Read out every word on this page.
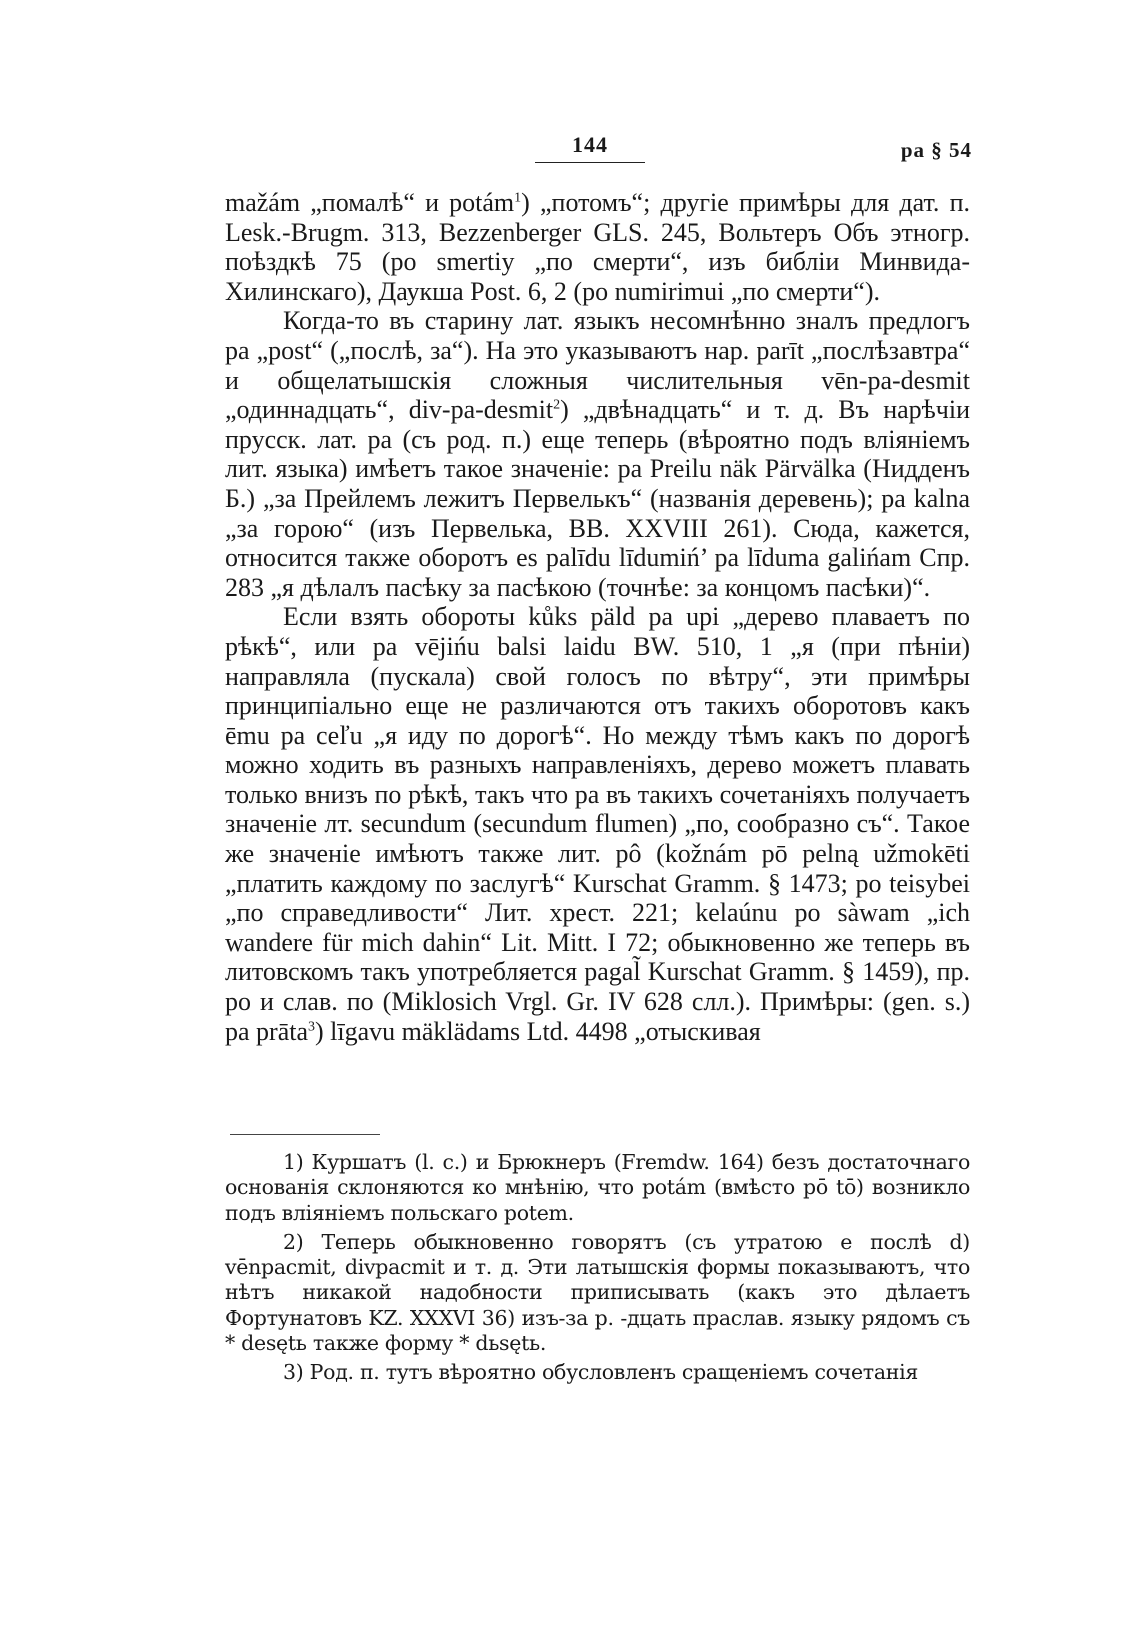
144	pa § 54

mažám „помалѣ“ и potám$^1$) „потомъ“; другіе примѣры для дат. п. Lesk.-Brugm. 313, Bezzenberger GLS. 245, Вольтеръ Объ этногр. поѣздкѣ 75 (po smertiy „по смерти“, изъ библіи Минвида-Хилинскаго), Даукша Post. 6, 2 (po numirimui „по смерти“).

Когда-то въ старину лат. языкъ несомнѣнно зналъ предлогъ pa „post“ („послѣ, за“). На это указываютъ нар. parīt „послѣзавтра“ и общелатышскія сложныя числительныя vēn-pa-desmit „одиннадцать“, div-pa-desmit$^2$) „двѣнадцать“ и т. д. Въ нарѣчіи прусск. лат. pa (съ род. п.) еще теперь (вѣроятно подъ вліяніемъ лит. языка) имѣетъ такое значеніе: pa Preilu näk Pärvälka (Нидденъ Б.) „за Прейлемъ лежитъ Первелькъ“ (названія деревень); pa kalna „за горою“ (изъ Первелька, BB. XXVIII 261). Сюда, кажется, относится также оборотъ es palīdu līdumiń’ pa līduma galińam Спр. 283 „я дѣлалъ пасѣку за пасѣкою (точнѣе: за концомъ пасѣки)“.

Если взять обороты kůks päld pa upi „дерево плаваетъ по рѣкѣ“, или pa vējińu balsi laidu BW. 510, 1 „я (при пѣніи) направляла (пускала) свой голосъ по вѣтру“, эти примѣры принципіально еще не различаются отъ такихъ оборотовъ какъ ēmu pa ceľu „я иду по дорогѣ“. Но между тѣмъ какъ по дорогѣ можно ходить въ разныхъ направленіяхъ, дерево можетъ плавать только внизъ по рѣкѣ, такъ что pa въ такихъ сочетаніяхъ получаетъ значеніе лт. secundum (secundum flumen) „по, сообразно съ“. Такое же значеніе имѣютъ также лит. pô (kožnám pō pelną užmokēti „платить каждому по заслугѣ“ Kurschat Gramm. § 1473; po teisybei „по справедливости“ Лит. хрест. 221; kelaúnu po sàwam „ich wandere für mich dahin“ Lit. Mitt. I 72; обыкновенно же теперь въ литовскомъ такъ употребляется pagal̃ Kurschat Gramm. § 1459), пр. po и слав. по (Miklosich Vrgl. Gr. IV 628 слл.). Примѣры: (gen. s.) pa prāta$^3$) līgavu mäklädams Ltd. 4498 „отыскивая

1) Куршатъ (l. c.) и Брюкнеръ (Fremdw. 164) безъ достаточнаго основанія склоняются ко мнѣнію, что potám (вмѣсто pō tō) возникло подъ вліяніемъ польскаго potem.

2) Теперь обыкновенно говорятъ (съ утратою e послѣ d) vēnpacmit, divpacmit и т. д. Эти латышскія формы показываютъ, что нѣтъ никакой надобности приписывать (какъ это дѣлаетъ Фортунатовъ KZ. XXXVI 36) изъ-за р. -дцать праслав. языку рядомъ съ * desętь также форму * dьsętь.

3) Род. п. тутъ вѣроятно обусловленъ сращеніемъ сочетанія
